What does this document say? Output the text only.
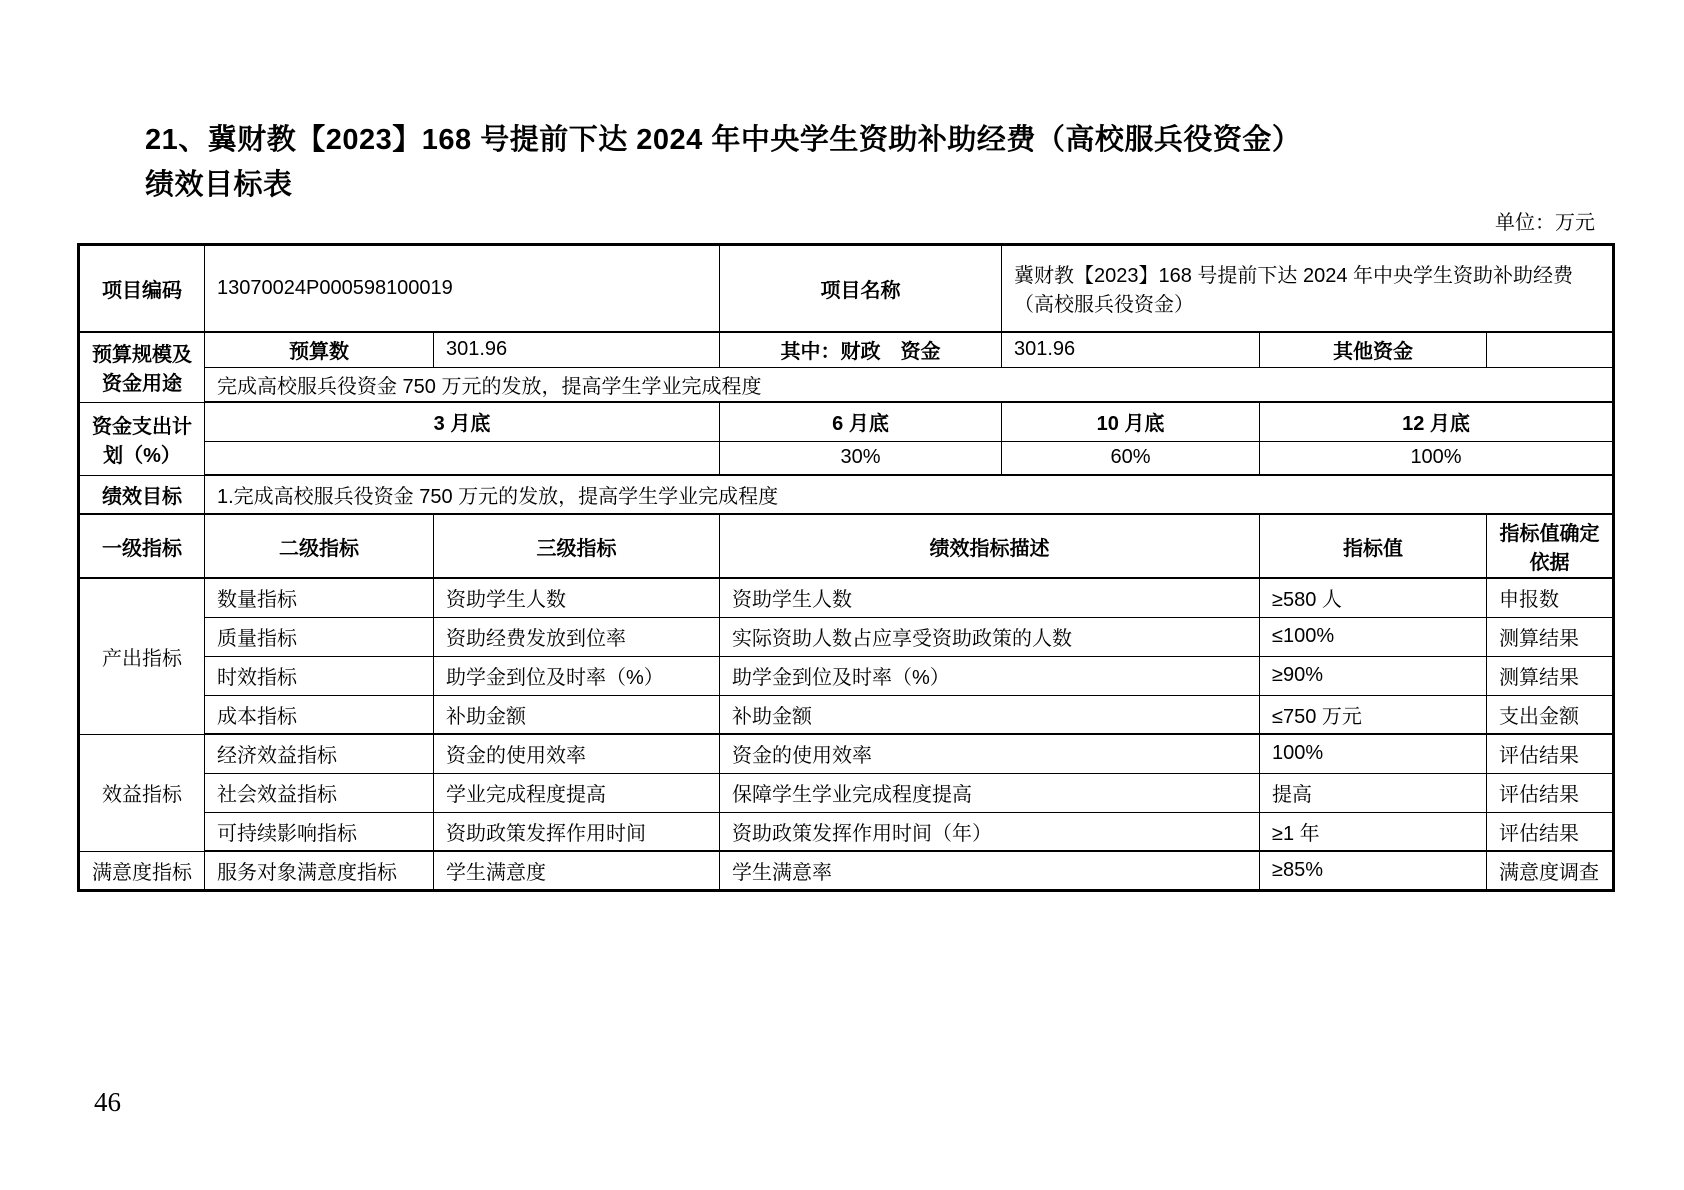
21、冀财教【2023】168 号提前下达 2024 年中央学生资助补助经费（高校服兵役资金）
绩效目标表
单位：万元
项目编码	13070024P000598100019		项目名称	冀财教【2023】168 号提前下达 2024 年中央学生资助补助经费（高校服兵役资金）		
预算规模及资金用途	预算数	301.96	其中：财政　资金	301.96	其他资金	
	完成高校服兵役资金 750 万元的发放，提高学生学业完成程度					
资金支出计划（%）	3 月底		6 月底	10 月底	12 月底	
			30%	60%	100%	
绩效目标	1.完成高校服兵役资金 750 万元的发放，提高学生学业完成程度					
一级指标	二级指标	三级指标	绩效指标描述		指标值	指标值确定依据
产出指标	数量指标	资助学生人数	资助学生人数		≥580 人	申报数
	质量指标	资助经费发放到位率	实际资助人数占应享受资助政策的人数		≤100%	测算结果
	时效指标	助学金到位及时率（%）	助学金到位及时率（%）		≥90%	测算结果
	成本指标	补助金额	补助金额		≤750 万元	支出金额
效益指标	经济效益指标	资金的使用效率	资金的使用效率		100%	评估结果
	社会效益指标	学业完成程度提高	保障学生学业完成程度提高		提高	评估结果
	可持续影响指标	资助政策发挥作用时间	资助政策发挥作用时间（年）		≥1 年	评估结果
满意度指标	服务对象满意度指标	学生满意度	学生满意率		≥85%	满意度调查
46
